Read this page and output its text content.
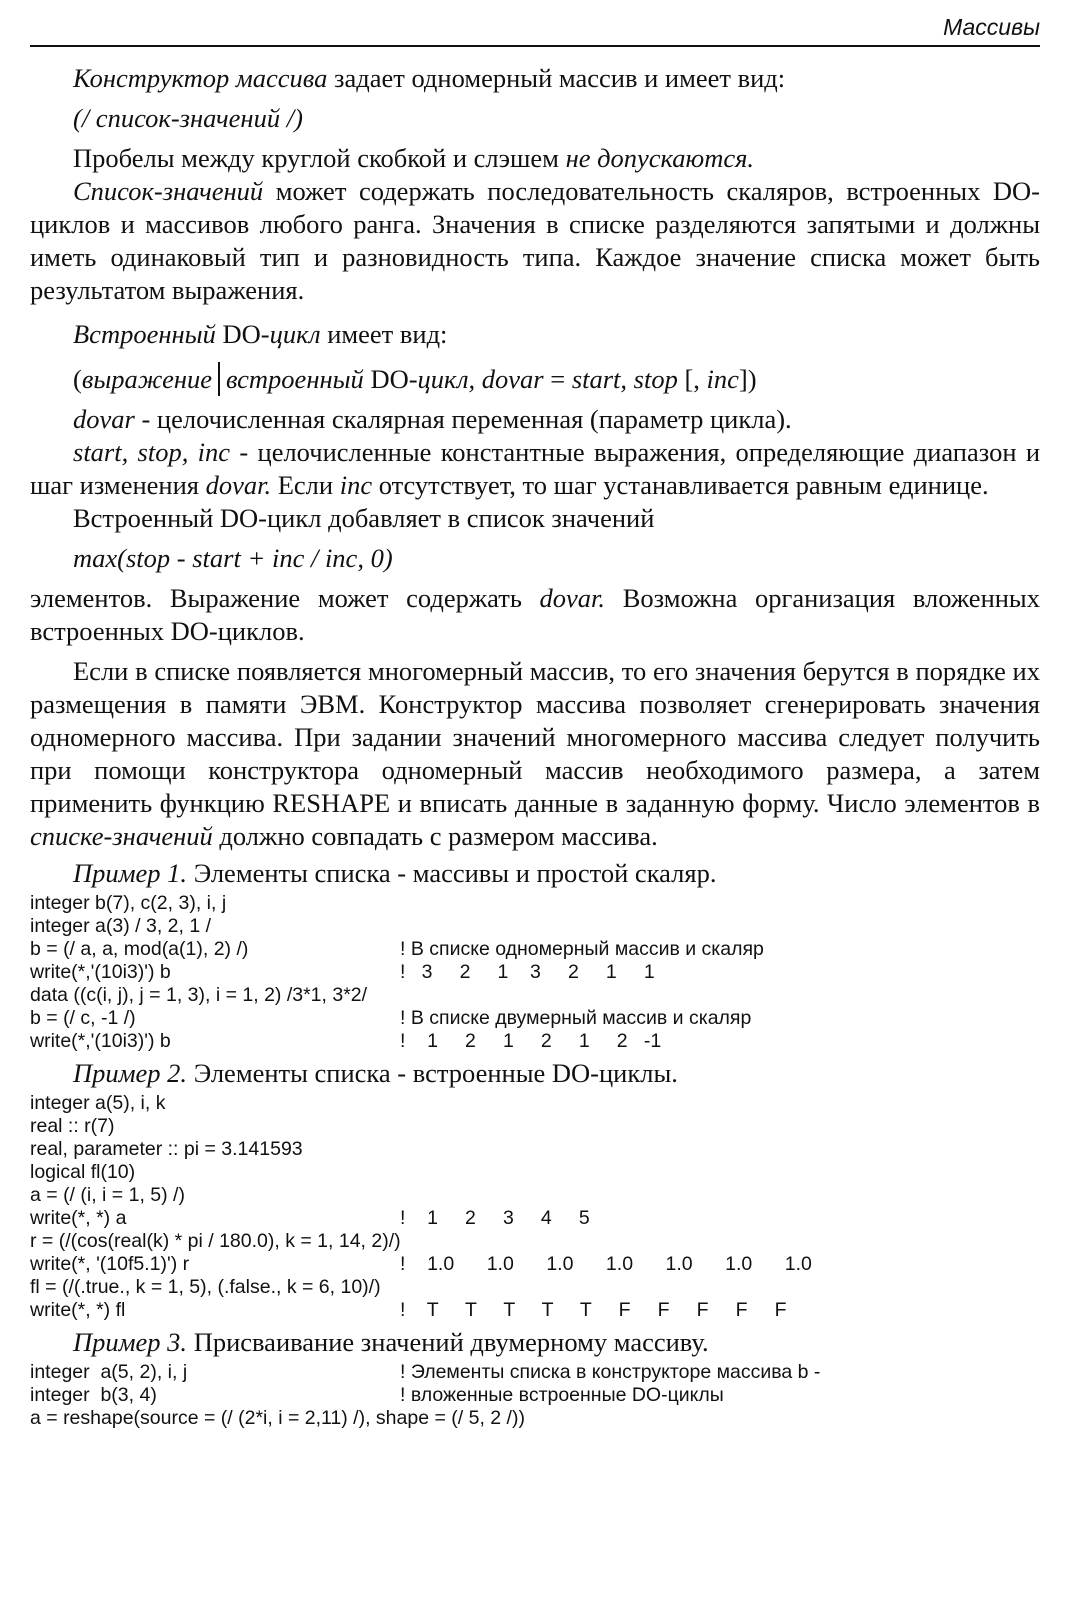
Массивы

Конструктор массива задает одномерный массив и имеет вид:

(/ список-значений /)

Пробелы между круглой скобкой и слэшем не допускаются.

Список-значений может содержать последовательность скаляров, встроенных DO-циклов и массивов любого ранга. Значения в списке разделяются запятыми и должны иметь одинаковый тип и разновидность типа. Каждое значение списка может быть результатом выражения.

Встроенный DO-цикл имеет вид:

(выражение встроенный DO-цикл, dovar = start, stop [, inc])

dovar - целочисленная скалярная переменная (параметр цикла).

start, stop, inc - целочисленные константные выражения, определяющие диапазон и шаг изменения dovar. Если inc отсутствует, то шаг устанавливается равным единице.

Встроенный DO-цикл добавляет в список значений

max(stop - start + inc / inc, 0)

элементов. Выражение может содержать dovar. Возможна организация вложенных встроенных DO-циклов.

Если в списке появляется многомерный массив, то его значения берутся в порядке их размещения в памяти ЭВМ. Конструктор массива позволяет сгенерировать значения одномерного массива. При задании значений многомерного массива следует получить при помощи конструктора одномерный массив необходимого размера, а затем применить функцию RESHAPE и вписать данные в заданную форму. Число элементов в списке-значений должно совпадать с размером массива.

Пример 1. Элементы списка - массивы и простой скаляр.

integer b(7), c(2, 3), i, j
integer a(3) / 3, 2, 1 /
b = (/ a, a, mod(a(1), 2) /)	! В списке одномерный массив и скаляр
write(*,'(10i3)') b	!   3     2     1    3     2     1     1
data ((c(i, j), j = 1, 3), i = 1, 2) /3*1, 3*2/
b = (/ c, -1 /)	! В списке двумерный массив и скаляр
write(*,'(10i3)') b	!    1     2     1     2     1     2   -1

Пример 2. Элементы списка - встроенные DO-циклы.

integer a(5), i, k
real :: r(7)
real, parameter :: pi = 3.141593
logical fl(10)
a = (/ (i, i = 1, 5) /)
write(*, *) a	!    1     2     3     4     5
r = (/(cos(real(k) * pi / 180.0), k = 1, 14, 2)/)
write(*, '(10f5.1)') r	!    1.0      1.0      1.0      1.0      1.0      1.0      1.0
fl = (/(.true., k = 1, 5), (.false., k = 6, 10)/)
write(*, *) fl	!    T     T     T     T     T     F     F     F     F     F

Пример 3. Присваивание значений двумерному массиву.

integer  a(5, 2), i, j	! Элементы списка в конструкторе массива b -
integer  b(3, 4)	! вложенные встроенные DO-циклы
a = reshape(source = (/ (2*i, i = 2,11) /), shape = (/ 5, 2 /))
